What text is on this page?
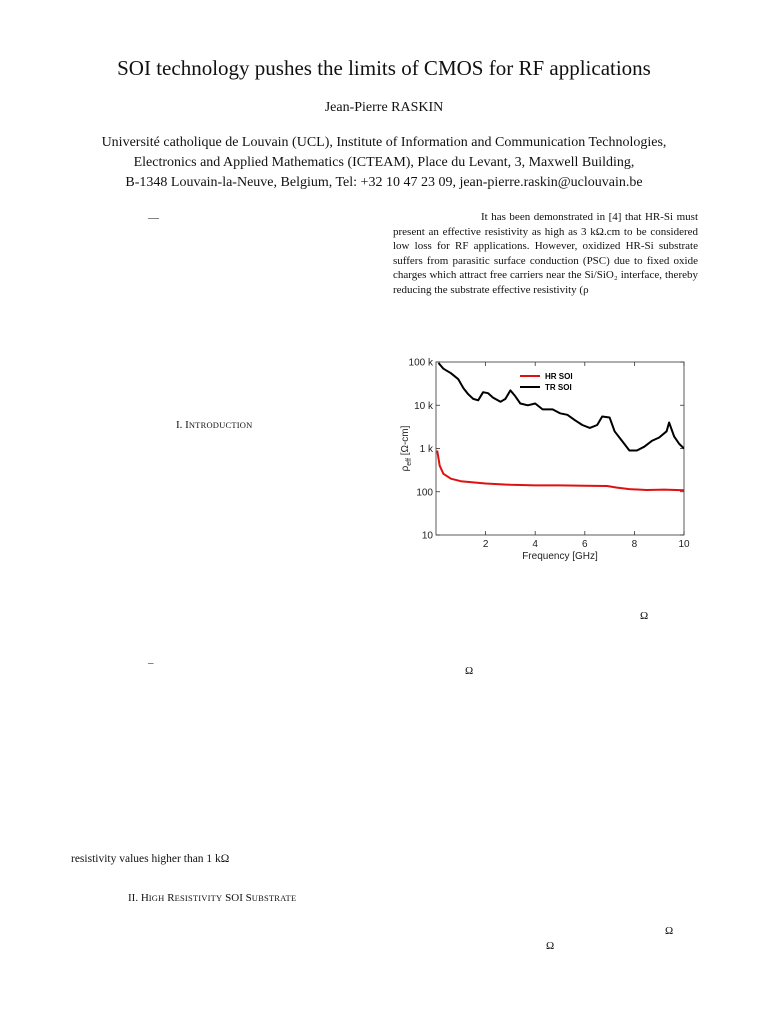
SOI technology pushes the limits of CMOS for RF applications
Jean-Pierre RASKIN
Université catholique de Louvain (UCL), Institute of Information and Communication Technologies,
Electronics and Applied Mathematics (ICTEAM), Place du Levant, 3, Maxwell Building,
B-1348 Louvain-la-Neuve, Belgium, Tel: +32 10 47 23 09, jean-pierre.raskin@uclouvain.be
—	It has been demonstrated in [4] that HR-Si must present an effective resistivity as high as 3 kΩ.cm to be considered low loss for RF applications. However, oxidized HR-Si substrate suffers from parasitic surface conduction (PSC) due to fixed oxide charges which attract free carriers near the Si/SiO₂ interface, thereby reducing the substrate effective resistivity (ρ
I. INTRODUCTION
2	4	6	8	10
10
100
1 k
10 k
100 k
Frequency [GHz]
$\rho_{eff}$ [Ω-cm]
HR SOI
TR SOI
Ω
–
Ω
resistivity values higher than 1 kΩ
II. HIGH RESISTIVITY SOI SUBSTRATE
Ω
Ω
